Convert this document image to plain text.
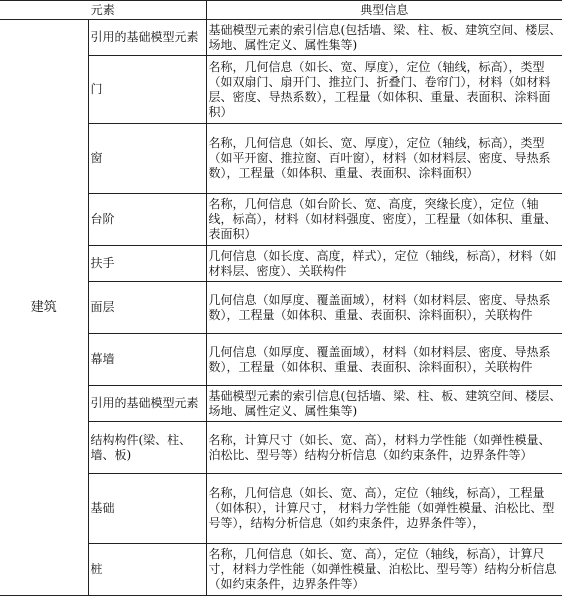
元素		典型信息
建筑	引用的基础模型元素	基础模型元素的索引信息(包括墙、梁、柱、板、建筑空间、楼层、场地、属性定义、属性集等)
	门	名称，几何信息（如长、宽、厚度），定位（轴线，标高），类型（如双扇门、扇开门、推拉门、折叠门、卷帘门），材料（如材料层、密度、导热系数），工程量（如体积、重量、表面积、涂料面积）
	窗	名称，几何信息（如长、宽、厚度），定位（轴线，标高），类型（如平开窗、推拉窗、百叶窗），材料（如材料层、密度、导热系数），工程量（如体积、重量、表面积、涂料面积）
	台阶	名称，几何信息（如台阶长、宽、高度，突缘长度），定位（轴线，标高），材料（如材料强度、密度），工程量（如体积、重量、表面积）
	扶手	几何信息（如长度、高度，样式），定位（轴线，标高），材料（如材料层、密度）、关联构件
	面层	几何信息（如厚度、覆盖面域），材料（如材料层、密度、导热系数），工程量（如体积、重量、表面积、涂料面积），关联构件
	幕墙	几何信息（如厚度、覆盖面域），材料（如材料层、密度、导热系数），工程量（如体积、重量、表面积、涂料面积），关联构件
	引用的基础模型元素	基础模型元素的索引信息(包括墙、梁、柱、板、建筑空间、楼层、场地、属性定义、属性集等)
	结构构件(梁、柱、墙、板)	名称，计算尺寸（如长、宽、高），材料力学性能（如弹性模量、泊松比、型号等）结构分析信息（如约束条件，边界条件等）
	基础	名称，几何信息（如长、宽、高），定位（轴线，标高），工程量（如体积），计算尺寸， 材料力学性能（如弹性模量、泊松比、型号等），结构分析信息（如约束条件，边界条件等），
	桩	名称，几何信息（如长、宽、高），定位（轴线，标高），计算尺寸，材料力学性能（如弹性模量、泊松比、型号等）结构分析信息（如约束条件，边界条件等）
